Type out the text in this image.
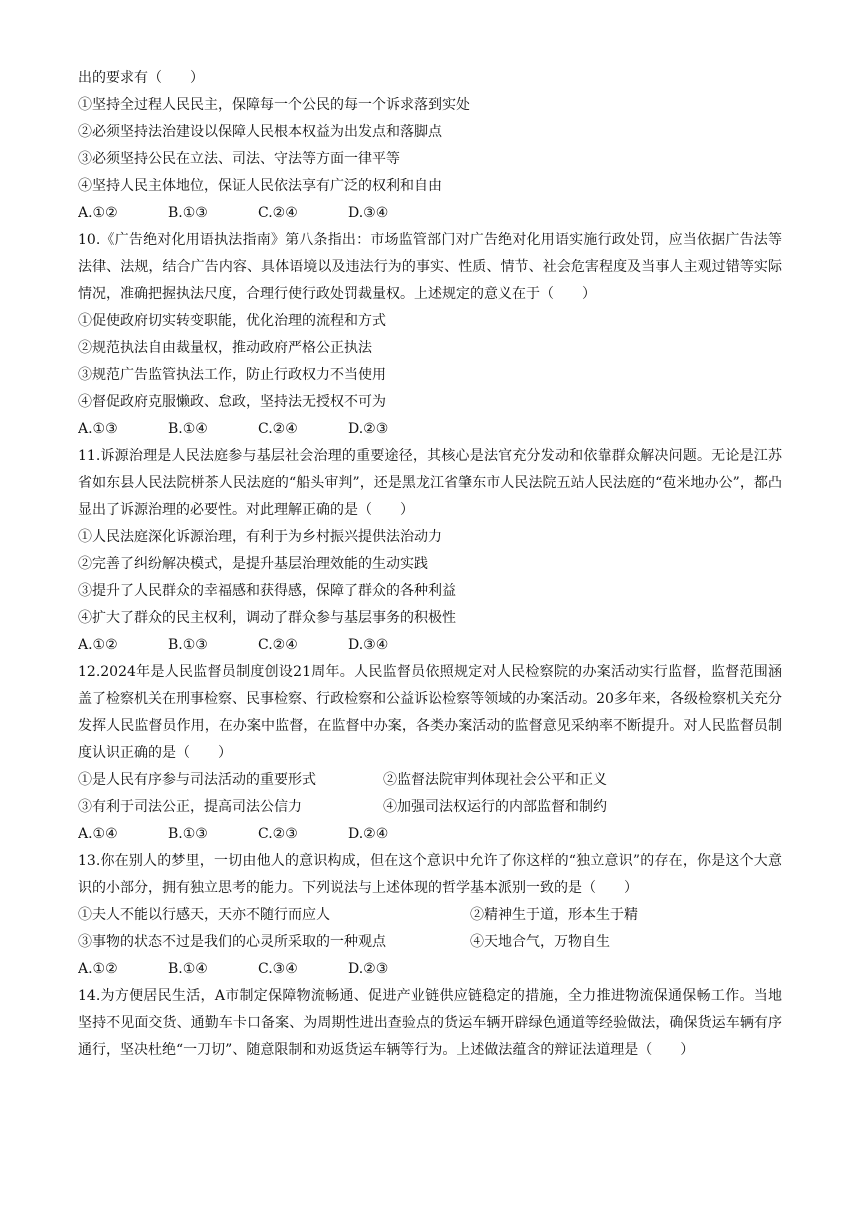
出的要求有（　　）
①坚持全过程人民民主，保障每一个公民的每一个诉求落到实处
②必须坚持法治建设以保障人民根本权益为出发点和落脚点
③必须坚持公民在立法、司法、守法等方面一律平等
④坚持人民主体地位，保证人民依法享有广泛的权利和自由
A.①②	B.①③	C.②④	D.③④
10.《广告绝对化用语执法指南》第八条指出：市场监管部门对广告绝对化用语实施行政处罚，应当依据广告法等法律、法规，结合广告内容、具体语境以及违法行为的事实、性质、情节、社会危害程度及当事人主观过错等实际情况，准确把握执法尺度，合理行使行政处罚裁量权。上述规定的意义在于（　　）
①促使政府切实转变职能，优化治理的流程和方式
②规范执法自由裁量权，推动政府严格公正执法
③规范广告监管执法工作，防止行政权力不当使用
④督促政府克服懒政、怠政，坚持法无授权不可为
A.①③	B.①④	C.②④	D.②③
11.诉源治理是人民法庭参与基层社会治理的重要途径，其核心是法官充分发动和依靠群众解决问题。无论是江苏省如东县人民法院栟茶人民法庭的“船头审判”，还是黑龙江省肇东市人民法院五站人民法庭的“苞米地办公”，都凸显出了诉源治理的必要性。对此理解正确的是（　　）
①人民法庭深化诉源治理，有利于为乡村振兴提供法治动力
②完善了纠纷解决模式，是提升基层治理效能的生动实践
③提升了人民群众的幸福感和获得感，保障了群众的各种利益
④扩大了群众的民主权利，调动了群众参与基层事务的积极性
A.①②	B.①③	C.②④	D.③④
12.2024年是人民监督员制度创设21周年。人民监督员依照规定对人民检察院的办案活动实行监督，监督范围涵盖了检察机关在刑事检察、民事检察、行政检察和公益诉讼检察等领域的办案活动。20多年来，各级检察机关充分发挥人民监督员作用，在办案中监督，在监督中办案，各类办案活动的监督意见采纳率不断提升。对人民监督员制度认识正确的是（　　）
①是人民有序参与司法活动的重要形式	②监督法院审判体现社会公平和正义
③有利于司法公正，提高司法公信力	④加强司法权运行的内部监督和制约
A.①④	B.①③	C.②③	D.②④
13.你在别人的梦里，一切由他人的意识构成，但在这个意识中允许了你这样的“独立意识”的存在，你是这个大意识的小部分，拥有独立思考的能力。下列说法与上述体现的哲学基本派别一致的是（　　）
①夫人不能以行感天，天亦不随行而应人	②精神生于道，形本生于精
③事物的状态不过是我们的心灵所采取的一种观点	④天地合气，万物自生
A.①②	B.①④	C.③④	D.②③
14.为方便居民生活，A市制定保障物流畅通、促进产业链供应链稳定的措施，全力推进物流保通保畅工作。当地坚持不见面交货、通勤车卡口备案、为周期性进出查验点的货运车辆开辟绿色通道等经验做法，确保货运车辆有序通行，坚决杜绝“一刀切”、随意限制和劝返货运车辆等行为。上述做法蕴含的辩证法道理是（　　）
